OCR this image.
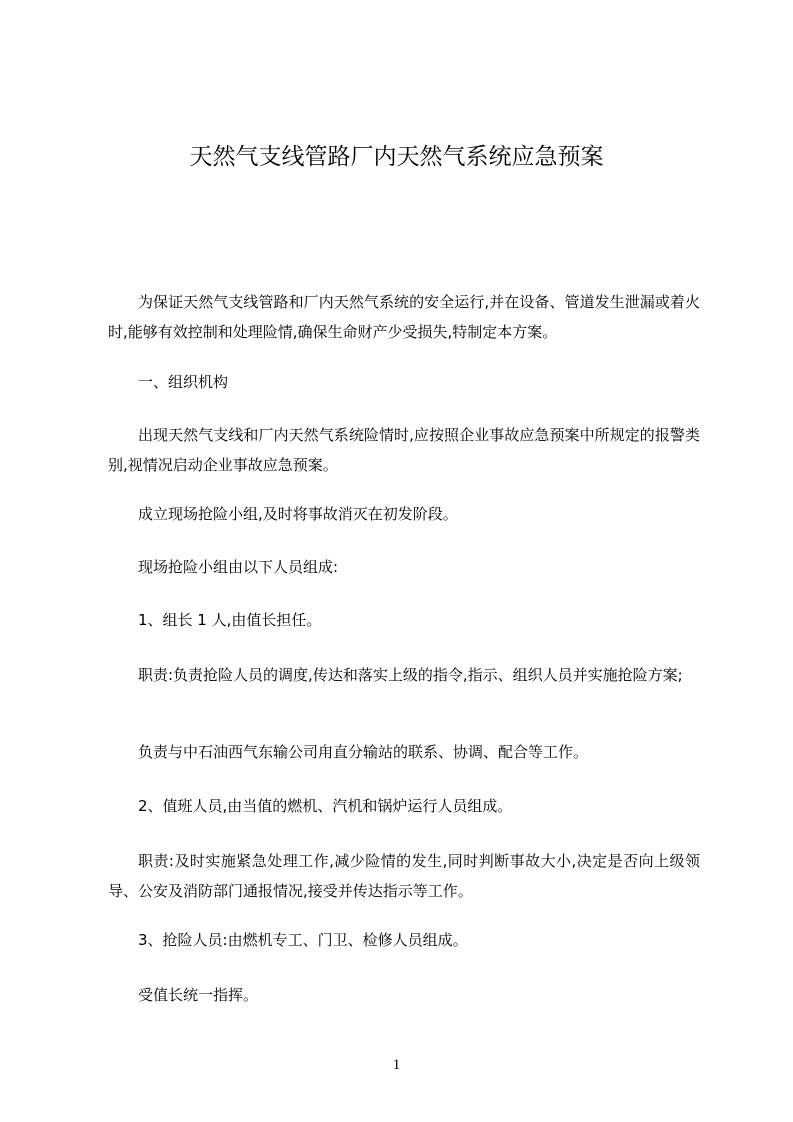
天然气支线管路厂内天然气系统应急预案

为保证天然气支线管路和厂内天然气系统的安全运行,并在设备、管道发生泄漏或着火时,能够有效控制和处理险情,确保生命财产少受损失,特制定本方案。

一、组织机构

出现天然气支线和厂内天然气系统险情时,应按照企业事故应急预案中所规定的报警类别,视情况启动企业事故应急预案。

成立现场抢险小组,及时将事故消灭在初发阶段。

现场抢险小组由以下人员组成:

1、组长 1 人,由值长担任。

职责:负责抢险人员的调度,传达和落实上级的指令,指示、组织人员并实施抢险方案;

负责与中石油西气东输公司甪直分输站的联系、协调、配合等工作。

2、值班人员,由当值的燃机、汽机和锅炉运行人员组成。

职责:及时实施紧急处理工作,减少险情的发生,同时判断事故大小,决定是否向上级领导、公安及消防部门通报情况,接受并传达指示等工作。

3、抢险人员:由燃机专工、门卫、检修人员组成。

受值长统一指挥。

1
